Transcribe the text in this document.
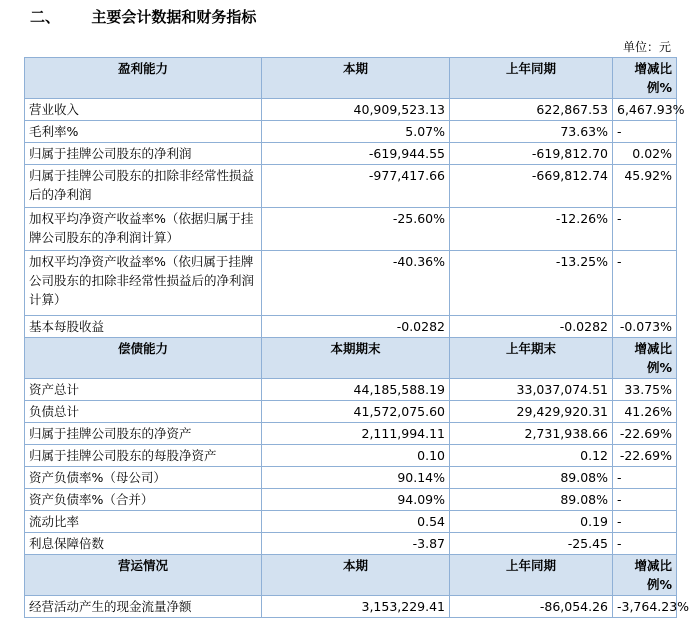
二、      主要会计数据和财务指标
单位：元
盈利能力	本期	上年同期	增减比例%
营业收入	40,909,523.13	622,867.53	6,467.93%
毛利率%	5.07%	73.63%	-
归属于挂牌公司股东的净利润	-619,944.55	-619,812.70	0.02%
归属于挂牌公司股东的扣除非经常性损益后的净利润	-977,417.66	-669,812.74	45.92%
加权平均净资产收益率%（依据归属于挂牌公司股东的净利润计算）	-25.60%	-12.26%	-
加权平均净资产收益率%（依归属于挂牌公司股东的扣除非经常性损益后的净利润计算）	-40.36%	-13.25%	-
基本每股收益	-0.0282	-0.0282	-0.073%
偿债能力	本期期末	上年期末	增减比例%
资产总计	44,185,588.19	33,037,074.51	33.75%
负债总计	41,572,075.60	29,429,920.31	41.26%
归属于挂牌公司股东的净资产	2,111,994.11	2,731,938.66	-22.69%
归属于挂牌公司股东的每股净资产	0.10	0.12	-22.69%
资产负债率%（母公司）	90.14%	89.08%	-
资产负债率%（合并）	94.09%	89.08%	-
流动比率	0.54	0.19	-
利息保障倍数	-3.87	-25.45	-
营运情况	本期	上年同期	增减比例%
经营活动产生的现金流量净额	3,153,229.41	-86,054.26	-3,764.23%
